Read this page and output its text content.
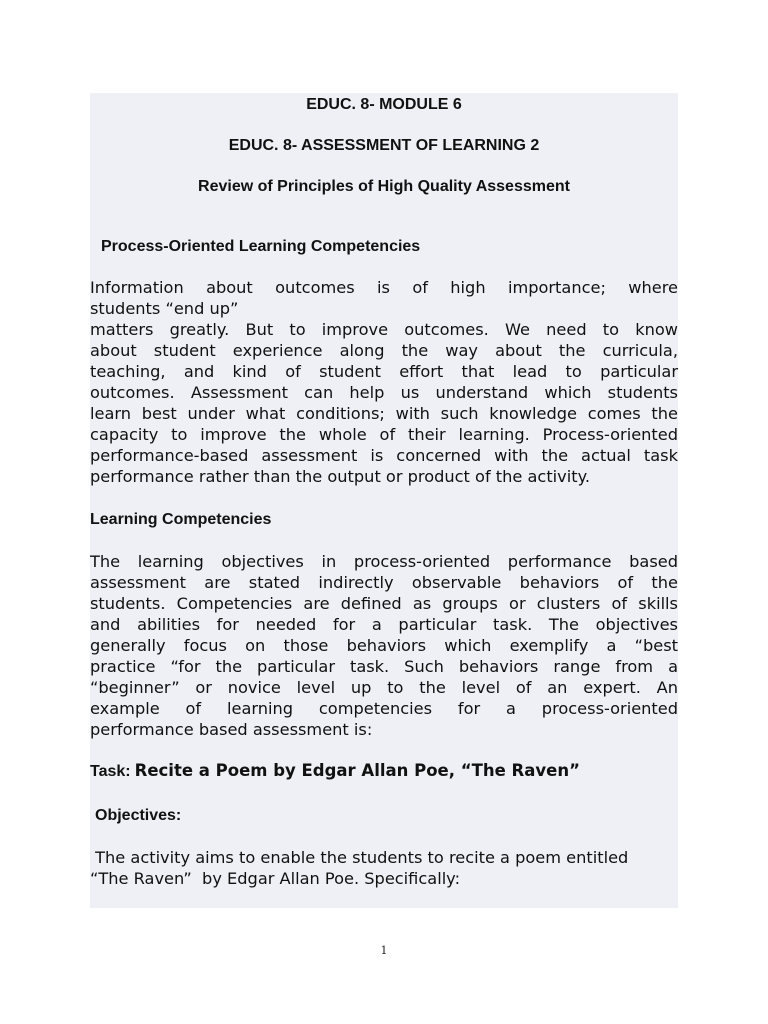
EDUC. 8- MODULE 6
EDUC. 8- ASSESSMENT OF LEARNING 2
Review of Principles of High Quality Assessment
Process-Oriented Learning Competencies
Information about outcomes is of high importance; where
students “end up”
matters greatly. But to improve outcomes. We need to know
about student experience along the way about the curricula,
teaching, and kind of student effort that lead to particular
outcomes. Assessment can help us understand which students
learn best under what conditions; with such knowledge comes the
capacity to improve the whole of their learning. Process-oriented
performance-based assessment is concerned with the actual task
performance rather than the output or product of the activity.
Learning Competencies
The learning objectives in process-oriented performance based
assessment are stated indirectly observable behaviors of the
students. Competencies are defined as groups or clusters of skills
and abilities for needed for a particular task. The objectives
generally focus on those behaviors which exemplify a “best
practice “for the particular task. Such behaviors range from a
“beginner” or novice level up to the level of an expert. An
example of learning competencies for a process-oriented
performance based assessment is:
Task: Recite a Poem by Edgar Allan Poe, “The Raven”
Objectives:
The activity aims to enable the students to recite a poem entitled
“The Raven”  by Edgar Allan Poe. Specifically:
1
